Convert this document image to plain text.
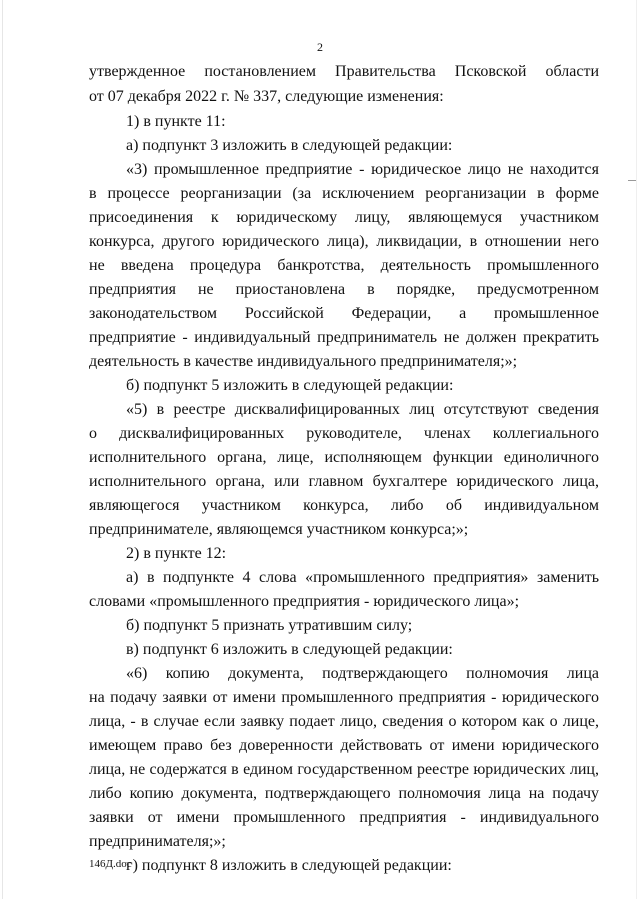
2
утвержденное постановлением Правительства Псковской области
от 07 декабря 2022 г. № 337, следующие изменения:
1) в пункте 11:
а) подпункт 3 изложить в следующей редакции:
«3) промышленное предприятие - юридическое лицо не находится
в процессе реорганизации (за исключением реорганизации в форме
присоединения к юридическому лицу, являющемуся участником
конкурса, другого юридического лица), ликвидации, в отношении него
не введена процедура банкротства, деятельность промышленного
предприятия не приостановлена в порядке, предусмотренном
законодательством Российской Федерации, а промышленное
предприятие - индивидуальный предприниматель не должен прекратить
деятельность в качестве индивидуального предпринимателя;»;
б) подпункт 5 изложить в следующей редакции:
«5) в реестре дисквалифицированных лиц отсутствуют сведения
о дисквалифицированных руководителе, членах коллегиального
исполнительного органа, лице, исполняющем функции единоличного
исполнительного органа, или главном бухгалтере юридического лица,
являющегося участником конкурса, либо об индивидуальном
предпринимателе, являющемся участником конкурса;»;
2) в пункте 12:
а) в подпункте 4 слова «промышленного предприятия» заменить
словами «промышленного предприятия - юридического лица»;
б) подпункт 5 признать утратившим силу;
в) подпункт 6 изложить в следующей редакции:
«6) копию документа, подтверждающего полномочия лица
на подачу заявки от имени промышленного предприятия - юридического
лица, - в случае если заявку подает лицо, сведения о котором как о лице,
имеющем право без доверенности действовать от имени юридического
лица, не содержатся в едином государственном реестре юридических лиц,
либо копию документа, подтверждающего полномочия лица на подачу
заявки от имени промышленного предприятия - индивидуального
предпринимателя;»;
г) подпункт 8 изложить в следующей редакции:
146Д.doc
